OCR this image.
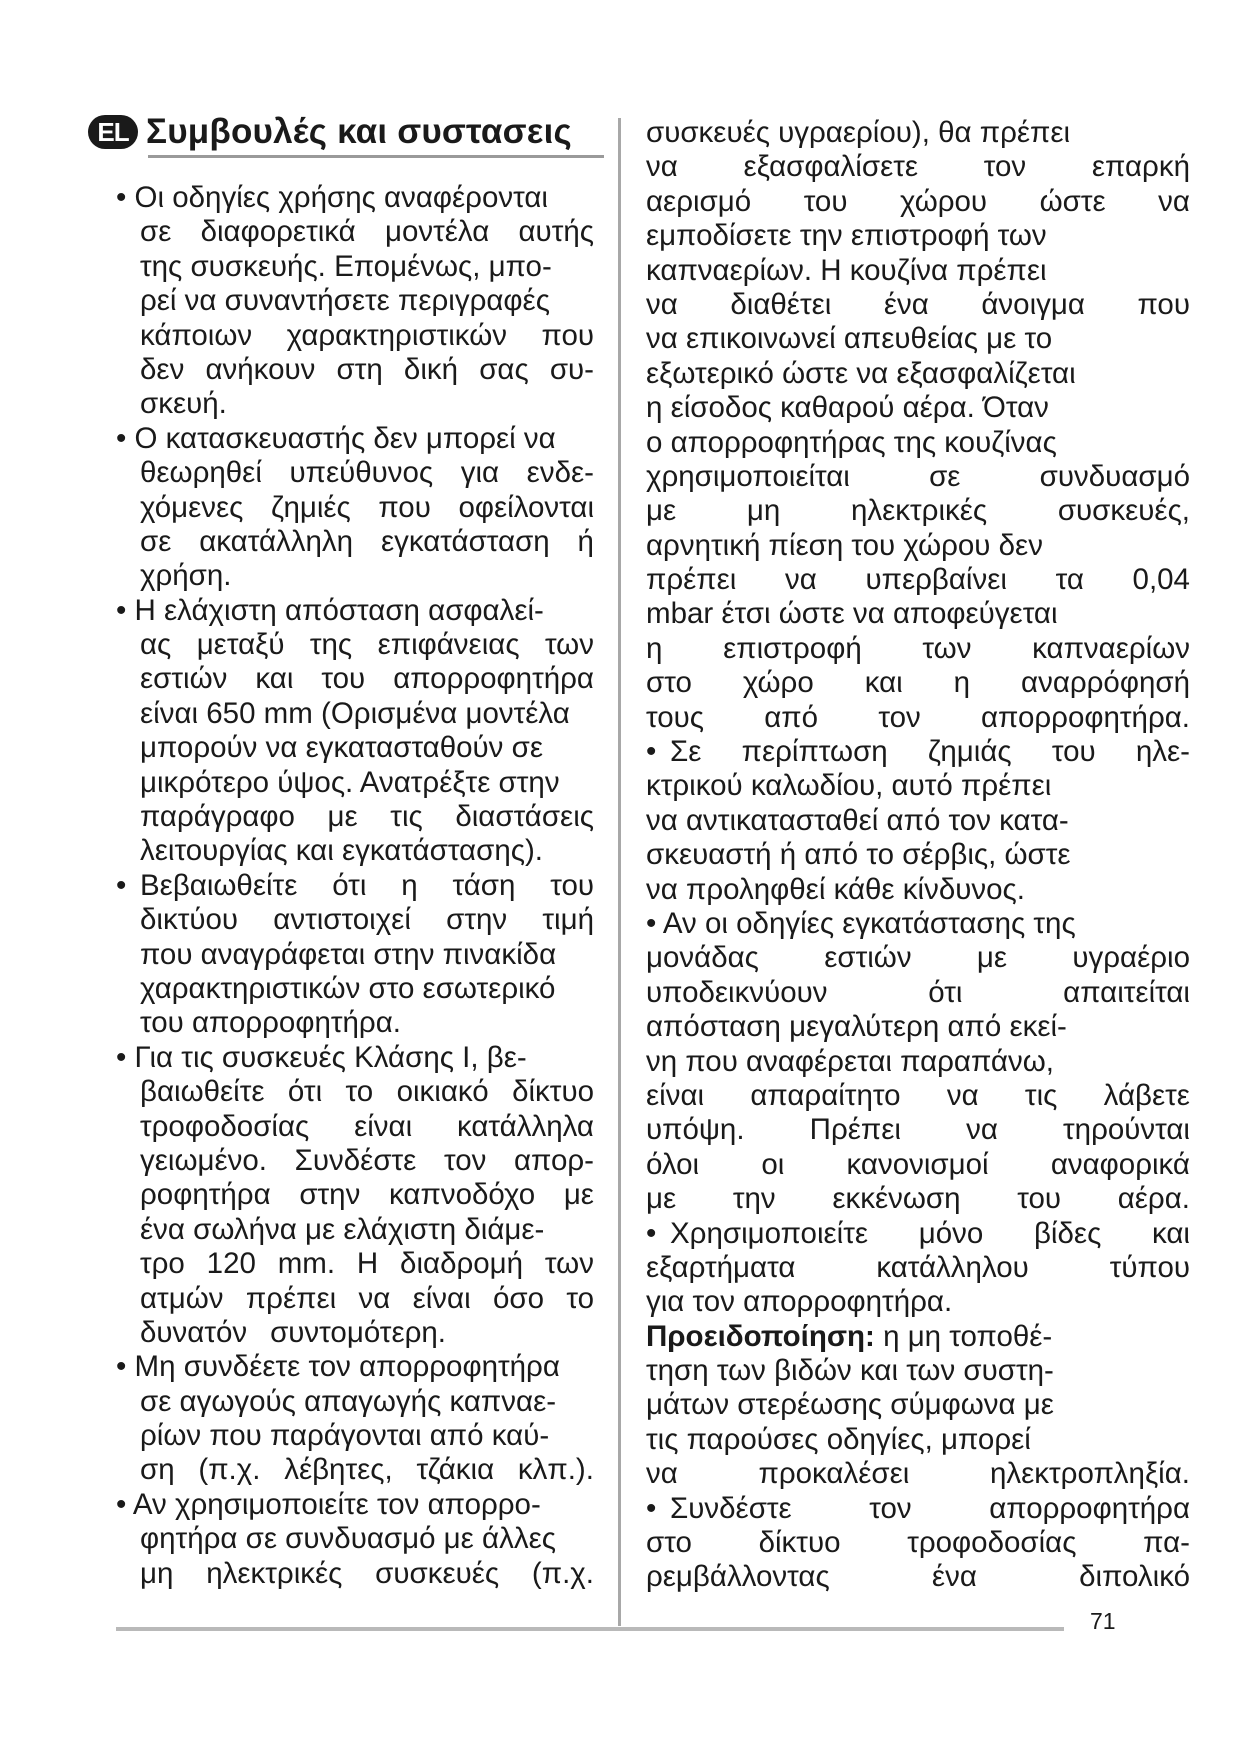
EL Συμβουλές και συστασεις
• Οι οδηγίες χρήσης αναφέρονται
σε διαφορετικά μοντέλα αυτής
της συσκευής. Επομένως, μπο-
ρεί να συναντήσετε περιγραφές
κάποιων χαρακτηριστικών που
δεν ανήκουν στη δική σας συ-
σκευή.
• Ο κατασκευαστής δεν μπορεί να
θεωρηθεί υπεύθυνος για ενδε-
χόμενες ζημιές που οφείλονται
σε ακατάλληλη εγκατάσταση ή
χρήση.
• Η ελάχιστη απόσταση ασφαλεί-
ας μεταξύ της επιφάνειας των
εστιών και του απορροφητήρα
είναι 650 mm (Ορισμένα μοντέλα
μπορούν να εγκατασταθούν σε
μικρότερο ύψος. Ανατρέξτε στην
παράγραφο με τις διαστάσεις
λειτουργίας και εγκατάστασης).
• Βεβαιωθείτε ότι η τάση του
δικτύου αντιστοιχεί στην τιμή
που αναγράφεται στην πινακίδα
χαρακτηριστικών στο εσωτερικό
του απορροφητήρα.
• Για τις συσκευές Κλάσης Ι, βε-
βαιωθείτε ότι το οικιακό δίκτυο
τροφοδοσίας είναι κατάλληλα
γειωμένο. Συνδέστε τον απορ-
ροφητήρα στην καπνοδόχο με
ένα σωλήνα με ελάχιστη διάμε-
τρο 120 mm. Η διαδρομή των
ατμών πρέπει να είναι όσο το
δυνατόν συντομότερη.
• Μη συνδέετε τον απορροφητήρα
σε αγωγούς απαγωγής καπναε-
ρίων που παράγονται από καύ-
ση (π.χ. λέβητες, τζάκια κλπ.).
• Αν χρησιμοποιείτε τον απορρο-
φητήρα σε συνδυασμό με άλλες
μη ηλεκτρικές συσκευές (π.χ.
συσκευές υγραερίου), θα πρέπει
να εξασφαλίσετε τον επαρκή
αερισμό του χώρου ώστε να
εμποδίσετε την επιστροφή των
καπναερίων. Η κουζίνα πρέπει
να διαθέτει ένα άνοιγμα που
να επικοινωνεί απευθείας με το
εξωτερικό ώστε να εξασφαλίζεται
η είσοδος καθαρού αέρα. Όταν
ο απορροφητήρας της κουζίνας
χρησιμοποιείται	σε	συνδυασμό
με μη ηλεκτρικές συσκευές,
αρνητική πίεση του χώρου δεν
πρέπει να υπερβαίνει τα 0,04
mbar έτσι ώστε να αποφεύγεται
η επιστροφή των καπναερίων
στο χώρο και η αναρρόφησή
τους από τον απορροφητήρα.
• Σε περίπτωση ζημιάς του ηλε-
κτρικού καλωδίου, αυτό πρέπει
να αντικατασταθεί από τον κατα-
σκευαστή ή από το σέρβις, ώστε
να προληφθεί κάθε κίνδυνος.
• Αν οι οδηγίες εγκατάστασης της
μονάδας εστιών με υγραέριο
υποδεικνύουν	ότι	απαιτείται
απόσταση μεγαλύτερη από εκεί-
νη που αναφέρεται παραπάνω,
είναι απαραίτητο να τις λάβετε
υπόψη. Πρέπει να τηρούνται
όλοι οι κανονισμοί αναφορικά
με την εκκένωση του αέρα.
• Χρησιμοποιείτε μόνο βίδες και
εξαρτήματα	κατάλληλου	τύπου
για τον απορροφητήρα.
Προειδοποίηση: η μη τοποθέ-
τηση των βιδών και των συστη-
μάτων στερέωσης σύμφωνα με
τις παρούσες οδηγίες, μπορεί
να	προκαλέσει	ηλεκτροπληξία.
• Συνδέστε	τον	απορροφητήρα
στο δίκτυο τροφοδοσίας πα-
ρεμβάλλοντας	ένα	διπολικό
71
